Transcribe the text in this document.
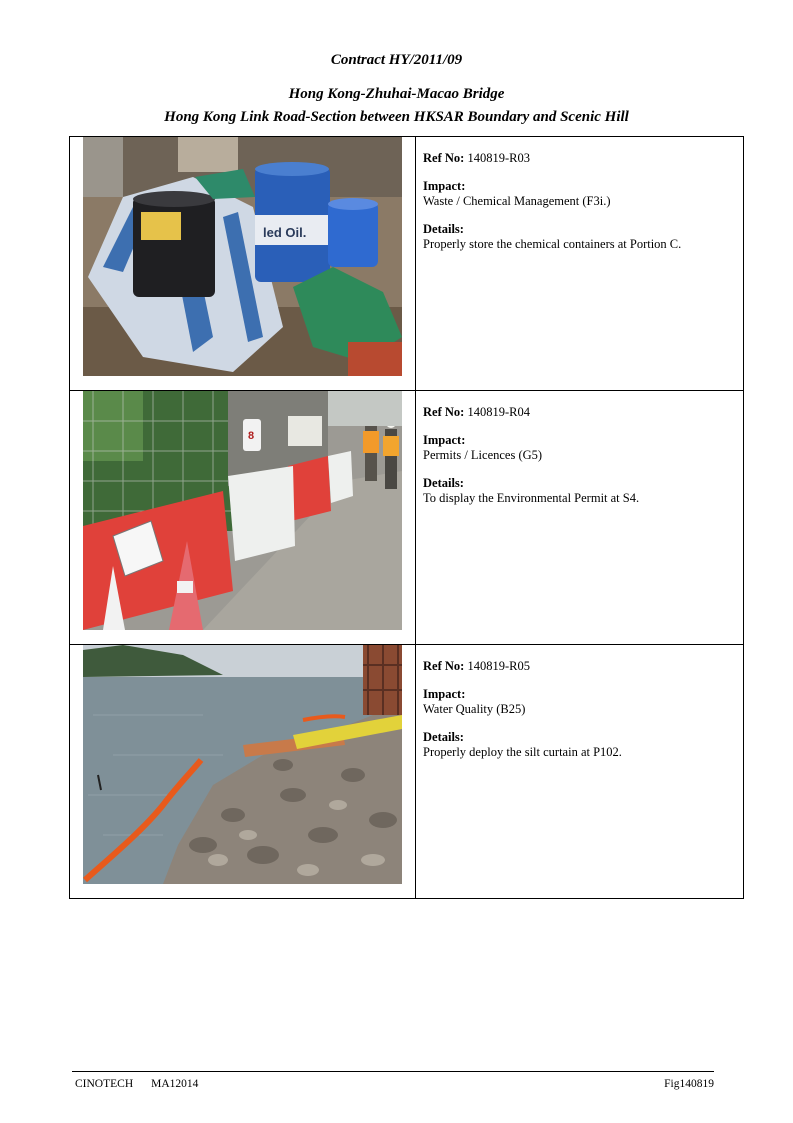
Contract HY/2011/09
Hong Kong-Zhuhai-Macao Bridge
Hong Kong Link Road-Section between HKSAR Boundary and Scenic Hill
led Oil.	Ref No: 140819-R03
Impact:
Waste / Chemical Management (F3i.)
Details:
Properly store the chemical containers at Portion C.

8	Ref No: 140819-R04
Impact:
Permits / Licences (G5)
Details:
To display the Environmental Permit at S4.

Ref No: 140819-R05
Impact:
Water Quality (B25)
Details:
Properly deploy the silt curtain at P102.
CINOTECH MA12014	Fig140819
